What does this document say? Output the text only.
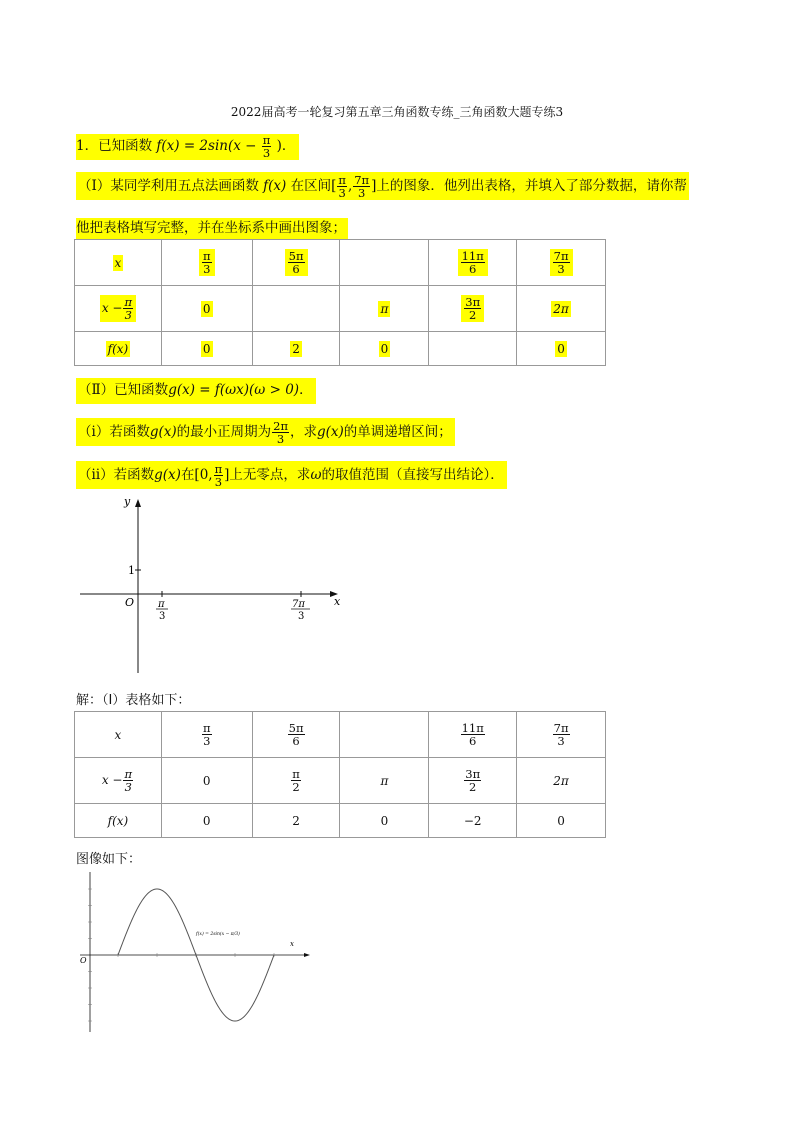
2022届高考一轮复习第五章三角函数专练_三角函数大题专练3
1．已知函数 $f(x) = 2\sin(x - \frac{\pi}{3}$ )．
（Ⅰ）某同学利用五点法画函数 f(x) 在区间[ $\frac{\pi}{3}$ , $\frac{7\pi}{3}$ ]上的图象．他列出表格，并填入了部分数据，请你帮
他把表格填写完整，并在坐标系中画出图象；
x	$\frac{\pi}{3}$	$\frac{5\pi}{6}$		$\frac{11\pi}{6}$	$\frac{7\pi}{3}$

$x - \frac{\pi}{3}$	0		π	$\frac{3\pi}{2}$	2π
f(x)	0	2	0		0
（Ⅱ）已知函数g(x) = f(ωx)(ω > 0)．
（ⅰ）若函数g(x)的最小正周期为 $\frac{2\pi}{3}$ ，求g(x)的单调递增区间；
（ⅱ）若函数g(x)在[0, $\frac{\pi}{3}$ ]上无零点，求ω的取值范围（直接写出结论）．
y
x
O
1
π
3
7π
3
解：（Ⅰ）表格如下：
x	$\frac{\pi}{3}$	$\frac{5\pi}{6}$		$\frac{11\pi}{6}$	$\frac{7\pi}{3}$

$x - \frac{\pi}{3}$	0	$\frac{\pi}{2}$	π	$\frac{3\pi}{2}$	2π
f(x)	0	2	0	−2	0
图像如下：
f(x) = 2sin(x − π/3)
x
O
